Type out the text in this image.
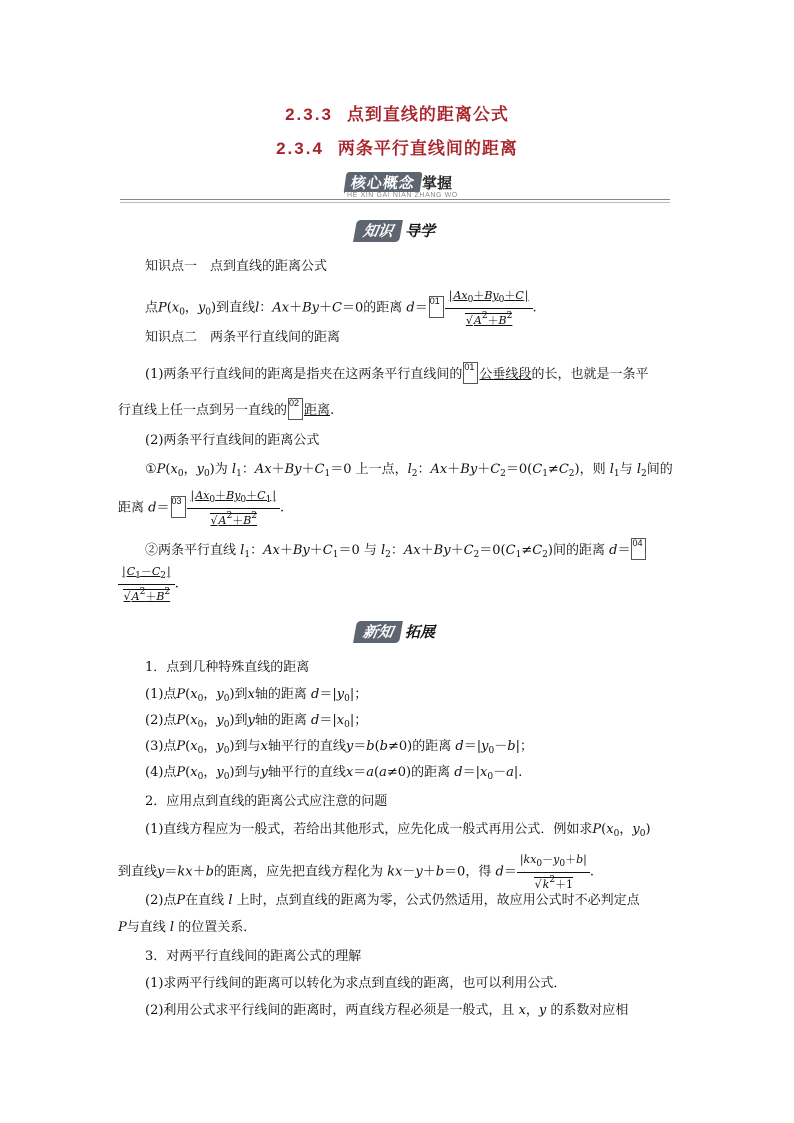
2.3.3 点到直线的距离公式
2.3.4 两条平行直线间的距离
核心概念 掌握
HE XIN GAI NIAN ZHANG WO
知识 导学
知识点一　点到直线的距离公式
点$P(x_0$，$y_0$)到直线l：Ax＋By＋C＝0的距离 d＝ 01 $|Ax_0+By_0+C|$
√ $A^2+B^2$ .
知识点二　两条平行直线间的距离
(1)两条平行直线间的距离是指夹在这两条平行直线间的 01 公垂线段的长，也就是一条平
行直线上任一点到另一直线的 02 距离.
(2)两条平行直线间的距离公式
$①P(x_0$，$y_0$)为 $l_1$：$Ax+By+C_1=0$ 上一点，$l_2$：$Ax+By+C_2=0(C_1\ne C_2)$，则 $l_1$与 $l_2$间的
距离 d＝ 03 $|Ax_0+By_0+C_1|$
√ $A^2+B^2$ .
②两条平行直线 $l_1$：$Ax+By+C_1=0$ 与 $l_2$：$Ax+By+C_2=0(C_1\ne C_2)$间的距离 d＝ 04
$|C_1-C_2|$
√ $A^2+B^2$ .
新知 拓展
1．点到几种特殊直线的距离
(1)点$P(x_0$，$y_0$)到x轴的距离 $d=|y_0|$；
(2)点$P(x_0$，$y_0$)到y轴的距离 $d=|x_0|$；
(3)点$P(x_0$，$y_0$)到与x轴平行的直线y＝b(b≠0)的距离 $d=|y_0-b|$；
(4)点$P(x_0$，$y_0$)到与y轴平行的直线x＝a(a≠0)的距离 $d=|x_0-a|$.
2．应用点到直线的距离公式应注意的问题
(1)直线方程应为一般式，若给出其他形式，应先化成一般式再用公式．例如求$P(x_0$，$y_0$)
到直线y＝kx＋b的距离，应先把直线方程化为 kx－y＋b＝0，得 $d= |kx_0-y_0+b|$
√ $k^2+1$ .
(2)点P在直线 l 上时，点到直线的距离为零，公式仍然适用，故应用公式时不必判定点
P与直线 l 的位置关系．
3．对两平行直线间的距离公式的理解
(1)求两平行线间的距离可以转化为求点到直线的距离，也可以利用公式．
(2)利用公式求平行线间的距离时，两直线方程必须是一般式，且 x，y 的系数对应相
